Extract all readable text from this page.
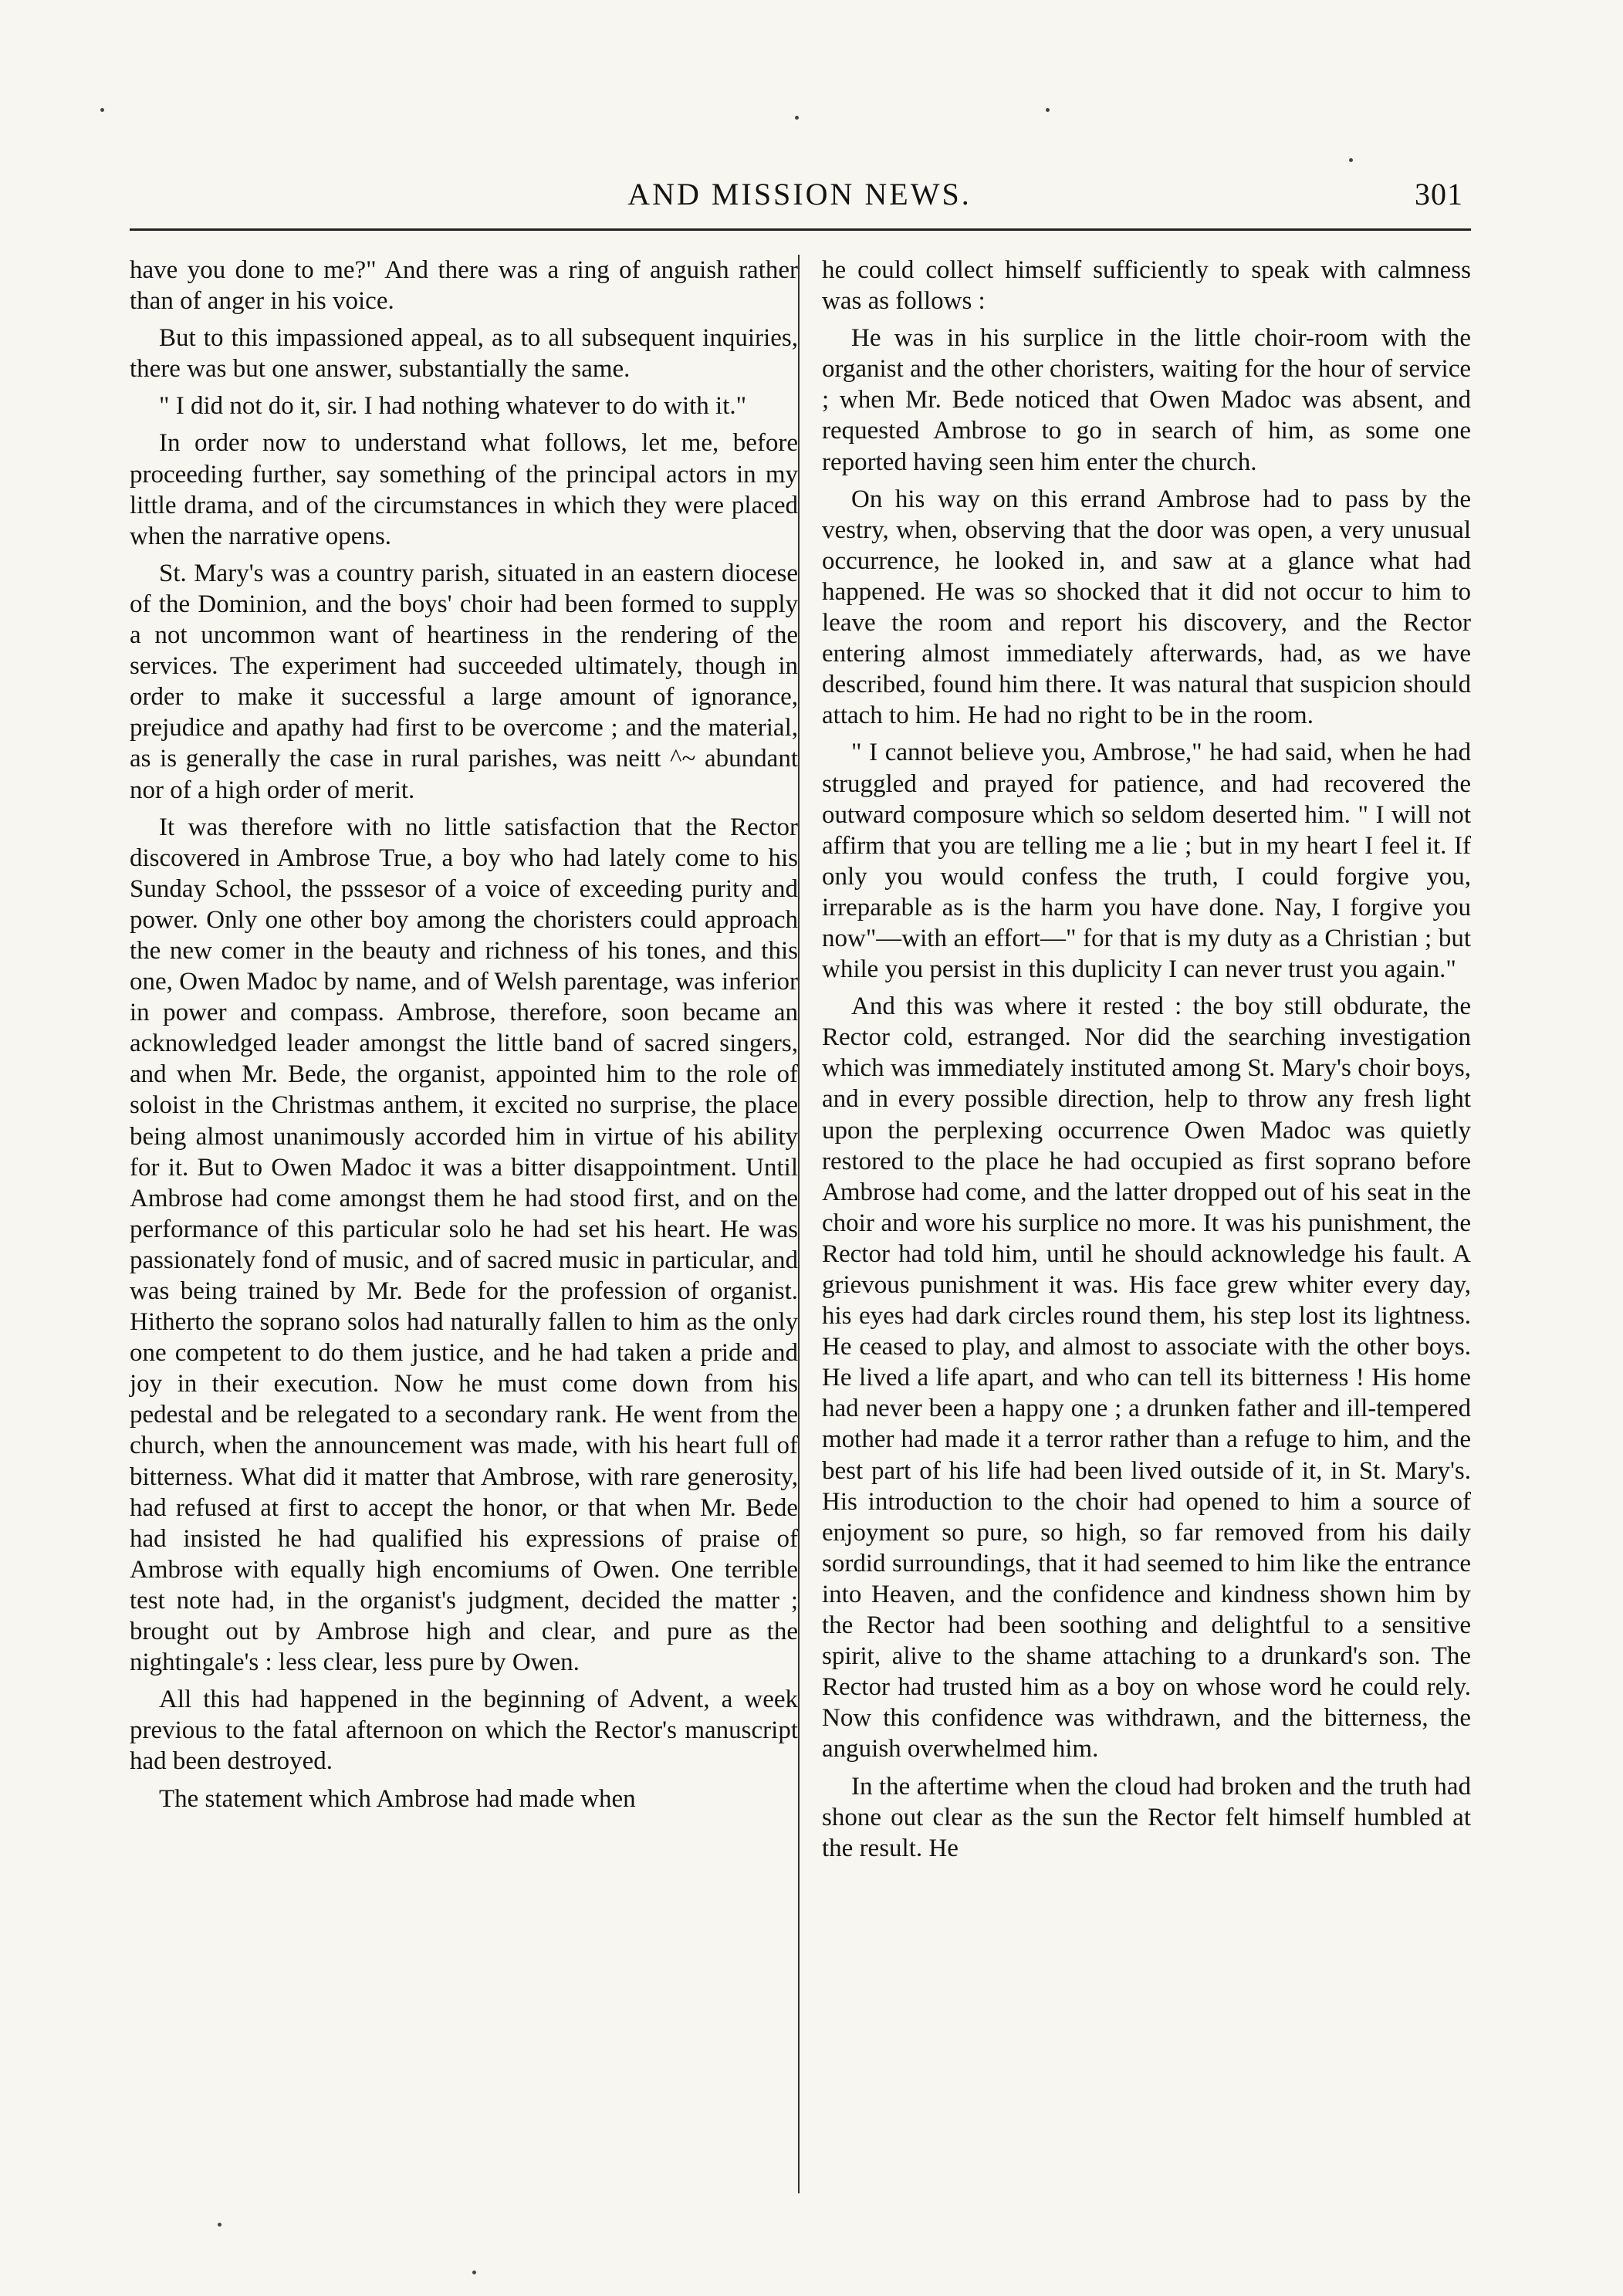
AND MISSION NEWS.	301

have you done to me?" And there was a ring of anguish rather than of anger in his voice.

But to this impassioned appeal, as to all subsequent inquiries, there was but one answer, substantially the same.

" I did not do it, sir. I had nothing whatever to do with it."

In order now to understand what follows, let me, before proceeding further, say something of the principal actors in my little drama, and of the circumstances in which they were placed when the narrative opens.

St. Mary's was a country parish, situated in an eastern diocese of the Dominion, and the boys' choir had been formed to supply a not uncommon want of heartiness in the rendering of the services. The experiment had succeeded ultimately, though in order to make it successful a large amount of ignorance, prejudice and apathy had first to be overcome ; and the material, as is generally the case in rural parishes, was neitt ^~ abundant nor of a high order of merit.

It was therefore with no little satisfaction that the Rector discovered in Ambrose True, a boy who had lately come to his Sunday School, the psssesor of a voice of exceeding purity and power. Only one other boy among the choristers could approach the new comer in the beauty and richness of his tones, and this one, Owen Madoc by name, and of Welsh parentage, was inferior in power and compass. Ambrose, therefore, soon became an acknowledged leader amongst the little band of sacred singers, and when Mr. Bede, the organist, appointed him to the role of soloist in the Christmas anthem, it excited no surprise, the place being almost unanimously accorded him in virtue of his ability for it. But to Owen Madoc it was a bitter disappointment. Until Ambrose had come amongst them he had stood first, and on the performance of this particular solo he had set his heart. He was passionately fond of music, and of sacred music in particular, and was being trained by Mr. Bede for the profession of organist. Hitherto the soprano solos had naturally fallen to him as the only one competent to do them justice, and he had taken a pride and joy in their execution. Now he must come down from his pedestal and be relegated to a secondary rank. He went from the church, when the announcement was made, with his heart full of bitterness. What did it matter that Ambrose, with rare generosity, had refused at first to accept the honor, or that when Mr. Bede had insisted he had qualified his expressions of praise of Ambrose with equally high encomiums of Owen. One terrible test note had, in the organist's judgment, decided the matter ; brought out by Ambrose high and clear, and pure as the nightingale's : less clear, less pure by Owen.

All this had happened in the beginning of Advent, a week previous to the fatal afternoon on which the Rector's manuscript had been destroyed.

The statement which Ambrose had made when

he could collect himself sufficiently to speak with calmness was as follows :

He was in his surplice in the little choir-room with the organist and the other choristers, waiting for the hour of service ; when Mr. Bede noticed that Owen Madoc was absent, and requested Ambrose to go in search of him, as some one reported having seen him enter the church.

On his way on this errand Ambrose had to pass by the vestry, when, observing that the door was open, a very unusual occurrence, he looked in, and saw at a glance what had happened. He was so shocked that it did not occur to him to leave the room and report his discovery, and the Rector entering almost immediately afterwards, had, as we have described, found him there. It was natural that suspicion should attach to him. He had no right to be in the room.

" I cannot believe you, Ambrose," he had said, when he had struggled and prayed for patience, and had recovered the outward composure which so seldom deserted him. " I will not affirm that you are telling me a lie ; but in my heart I feel it. If only you would confess the truth, I could forgive you, irreparable as is the harm you have done. Nay, I forgive you now"—with an effort—" for that is my duty as a Christian ; but while you persist in this duplicity I can never trust you again."

And this was where it rested : the boy still obdurate, the Rector cold, estranged. Nor did the searching investigation which was immediately instituted among St. Mary's choir boys, and in every possible direction, help to throw any fresh light upon the perplexing occurrence Owen Madoc was quietly restored to the place he had occupied as first soprano before Ambrose had come, and the latter dropped out of his seat in the choir and wore his surplice no more. It was his punishment, the Rector had told him, until he should acknowledge his fault. A grievous punishment it was. His face grew whiter every day, his eyes had dark circles round them, his step lost its lightness. He ceased to play, and almost to associate with the other boys. He lived a life apart, and who can tell its bitterness ! His home had never been a happy one ; a drunken father and ill-tempered mother had made it a terror rather than a refuge to him, and the best part of his life had been lived outside of it, in St. Mary's. His introduction to the choir had opened to him a source of enjoyment so pure, so high, so far removed from his daily sordid surroundings, that it had seemed to him like the entrance into Heaven, and the confidence and kindness shown him by the Rector had been soothing and delightful to a sensitive spirit, alive to the shame attaching to a drunkard's son. The Rector had trusted him as a boy on whose word he could rely. Now this confidence was withdrawn, and the bitterness, the anguish overwhelmed him.

In the aftertime when the cloud had broken and the truth had shone out clear as the sun the Rector felt himself humbled at the result. He
